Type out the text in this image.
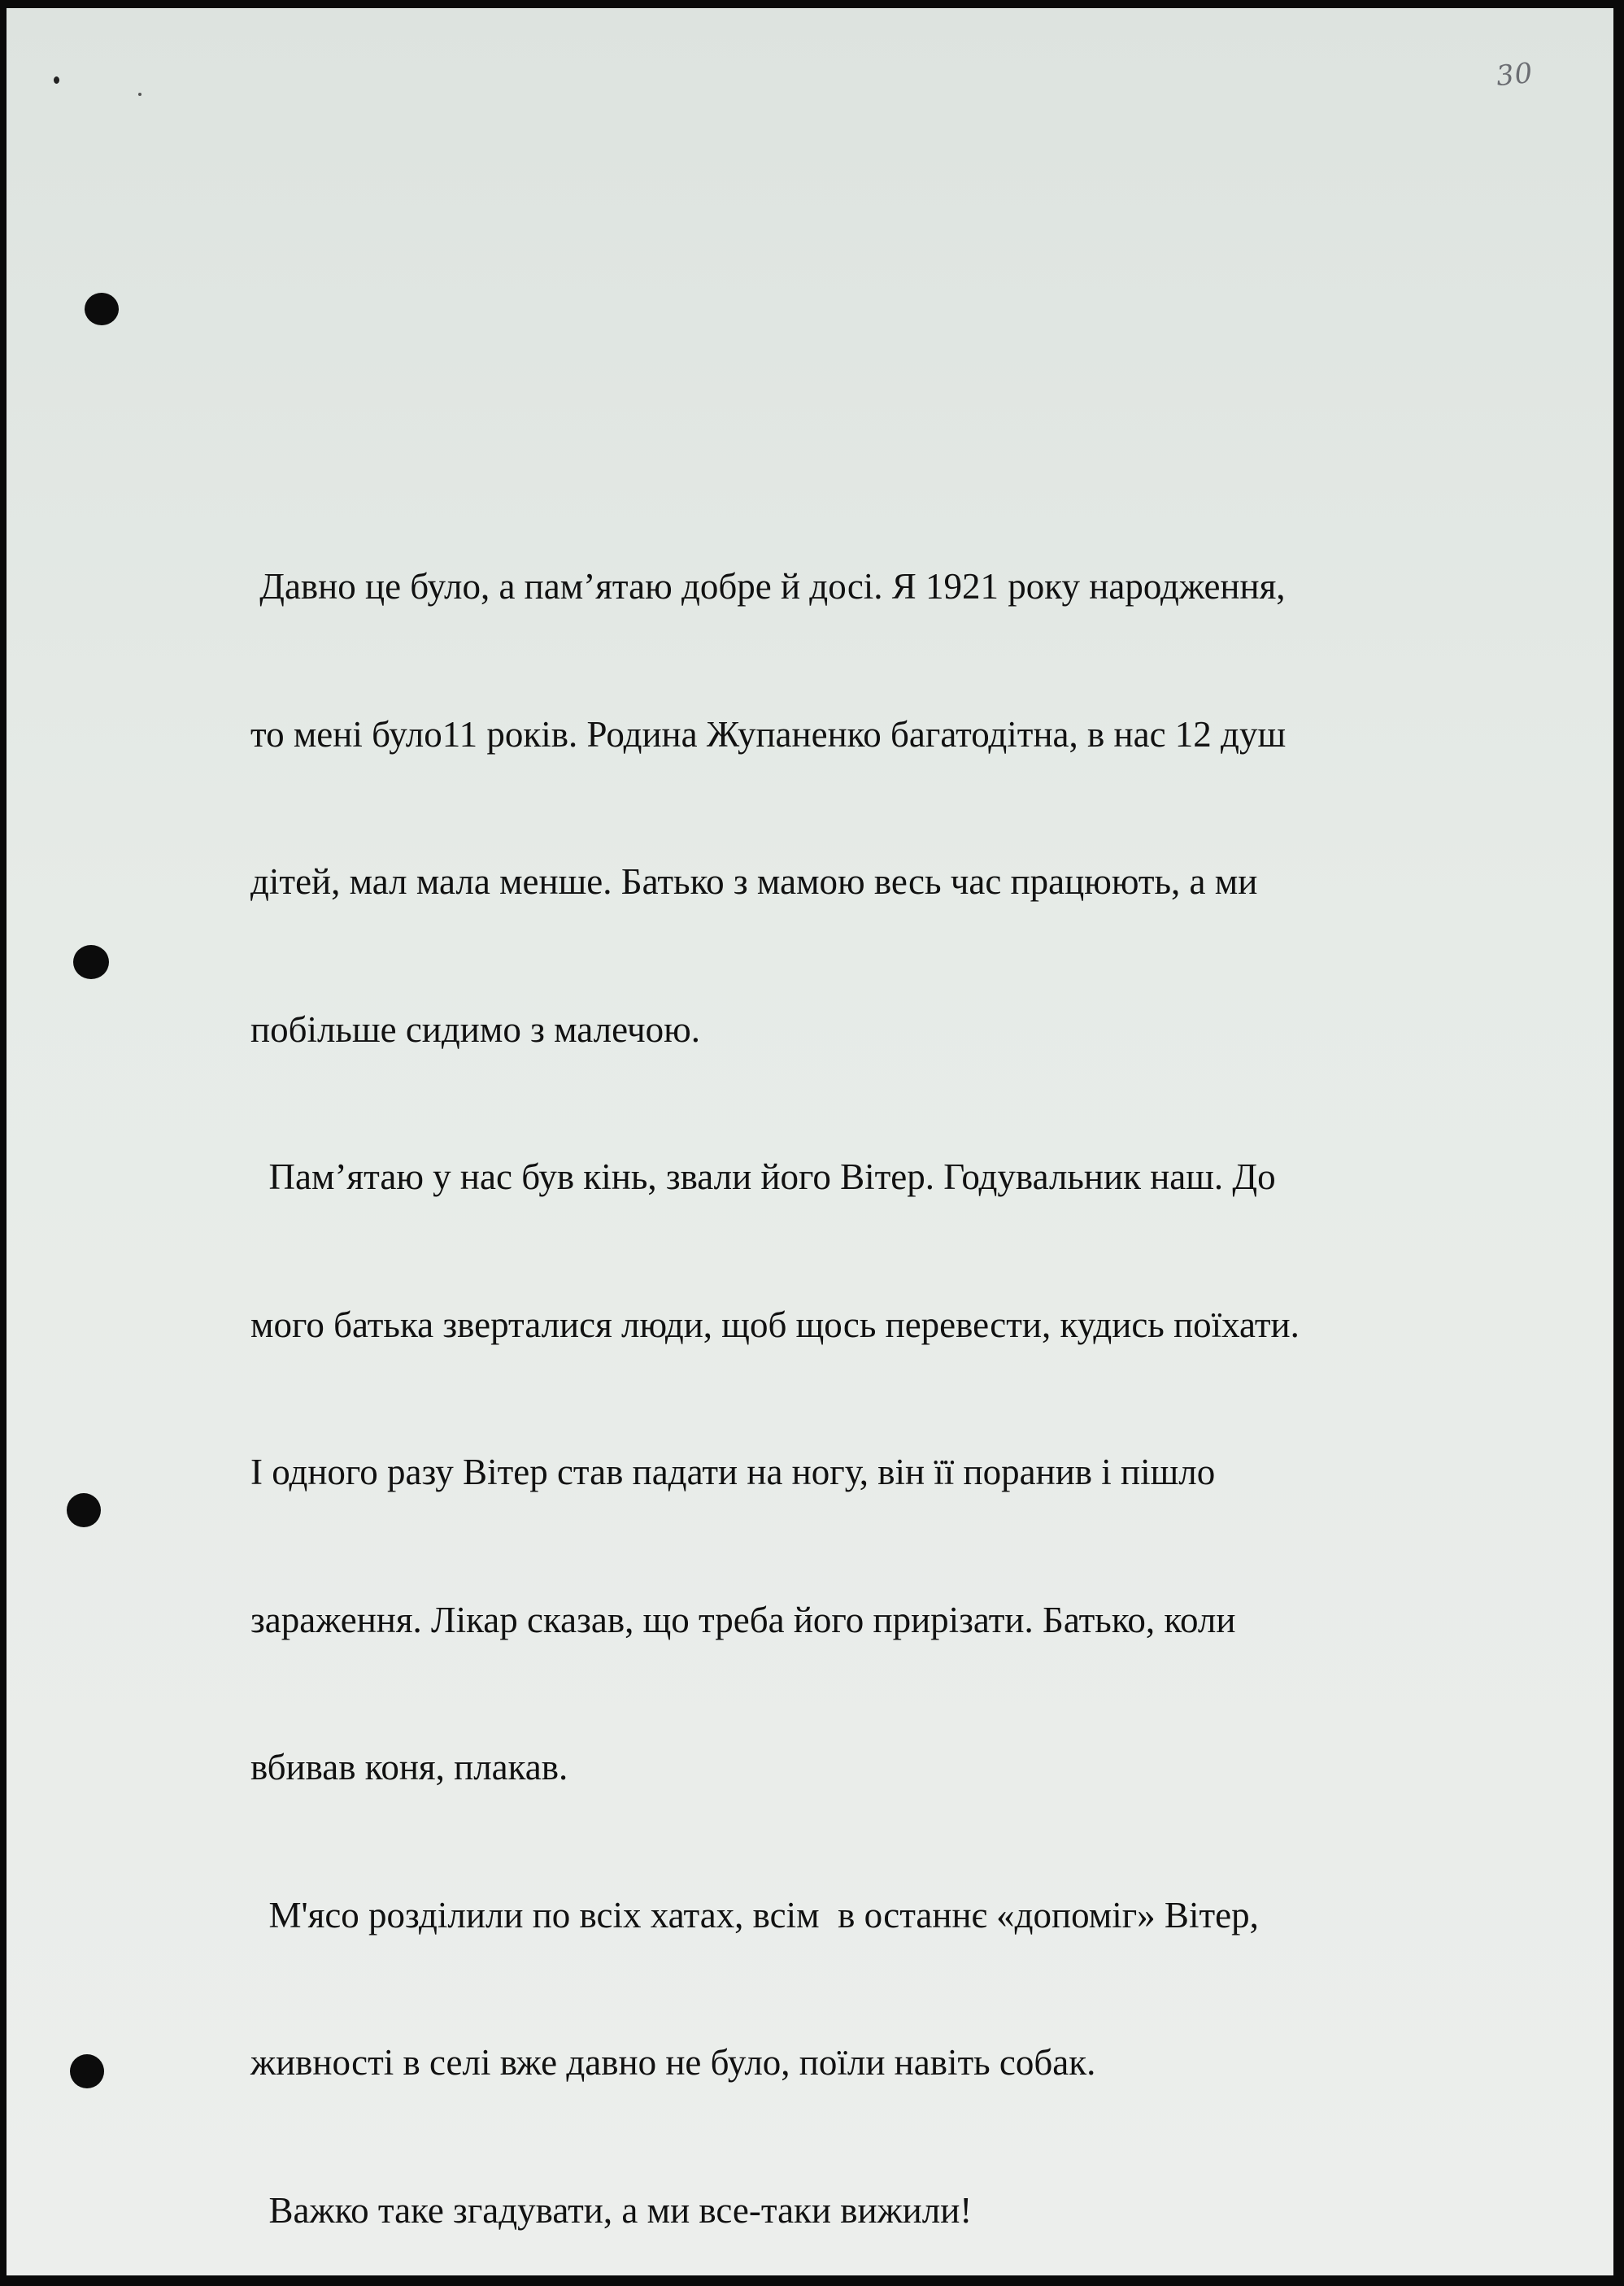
30

Давно це було, а пам’ятаю добре й досі. Я 1921 року народження,

то мені було11 років. Родина Жупаненко багатодітна, в нас 12 душ

дітей, мал мала менше. Батько з мамою весь час працюють, а ми

побільше сидимо з малечою.

Пам’ятаю у нас був кінь, звали його Вітер. Годувальник наш. До

мого батька зверталися люди, щоб щось перевести, кудись поїхати.

І одного разу Вітер став падати на ногу, він її поранив і пішло

зараження. Лікар сказав, що треба його прирізати. Батько, коли

вбивав коня, плакав.

М'ясо розділили по всіх хатах, всім  в останнє «допоміг» Вітер,

живності в селі вже давно не було, поїли навіть собак.

Важко таке згадувати, а ми все-таки вижили!
